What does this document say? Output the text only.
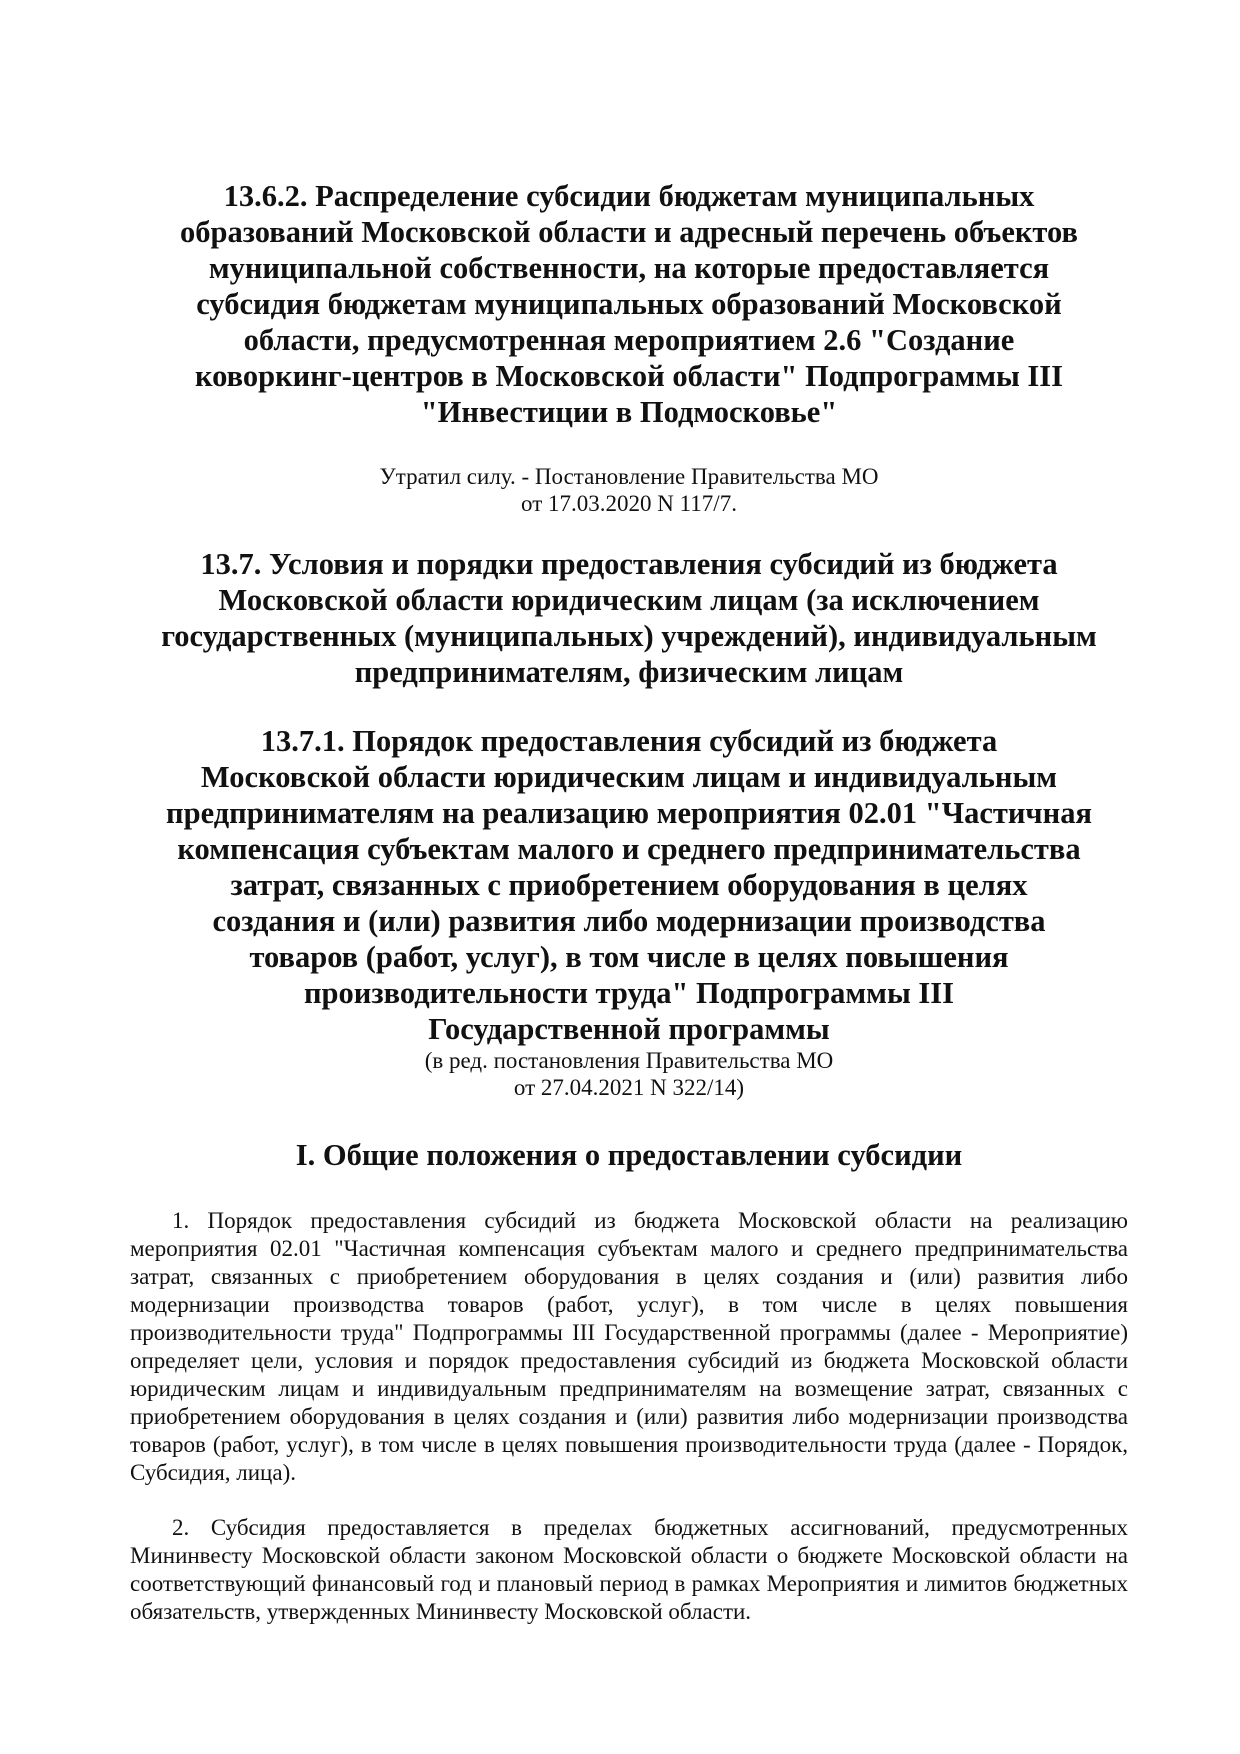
13.6.2. Распределение субсидии бюджетам муниципальных
образований Московской области и адресный перечень объектов
муниципальной собственности, на которые предоставляется
субсидия бюджетам муниципальных образований Московской
области, предусмотренная мероприятием 2.6 "Создание
коворкинг-центров в Московской области" Подпрограммы III
"Инвестиции в Подмосковье"

Утратил силу. - Постановление Правительства МО
от 17.03.2020 N 117/7.

13.7. Условия и порядки предоставления субсидий из бюджета
Московской области юридическим лицам (за исключением
государственных (муниципальных) учреждений), индивидуальным
предпринимателям, физическим лицам
13.7.1. Порядок предоставления субсидий из бюджета
Московской области юридическим лицам и индивидуальным
предпринимателям на реализацию мероприятия 02.01 "Частичная
компенсация субъектам малого и среднего предпринимательства
затрат, связанных с приобретением оборудования в целях
создания и (или) развития либо модернизации производства
товаров (работ, услуг), в том числе в целях повышения
производительности труда" Подпрограммы III
Государственной программы

(в ред. постановления Правительства МО
от 27.04.2021 N 322/14)

I. Общие положения о предоставлении субсидии

1. Порядок предоставления субсидий из бюджета Московской области на реализацию мероприятия 02.01 "Частичная компенсация субъектам малого и среднего предпринимательства затрат, связанных с приобретением оборудования в целях создания и (или) развития либо модернизации производства товаров (работ, услуг), в том числе в целях повышения производительности труда" Подпрограммы III Государственной программы (далее - Мероприятие) определяет цели, условия и порядок предоставления субсидий из бюджета Московской области юридическим лицам и индивидуальным предпринимателям на возмещение затрат, связанных с приобретением оборудования в целях создания и (или) развития либо модернизации производства товаров (работ, услуг), в том числе в целях повышения производительности труда (далее - Порядок, Субсидия, лица).

2. Субсидия предоставляется в пределах бюджетных ассигнований, предусмотренных Мининвесту Московской области законом Московской области о бюджете Московской области на соответствующий финансовый год и плановый период в рамках Мероприятия и лимитов бюджетных обязательств, утвержденных Мининвесту Московской области.
